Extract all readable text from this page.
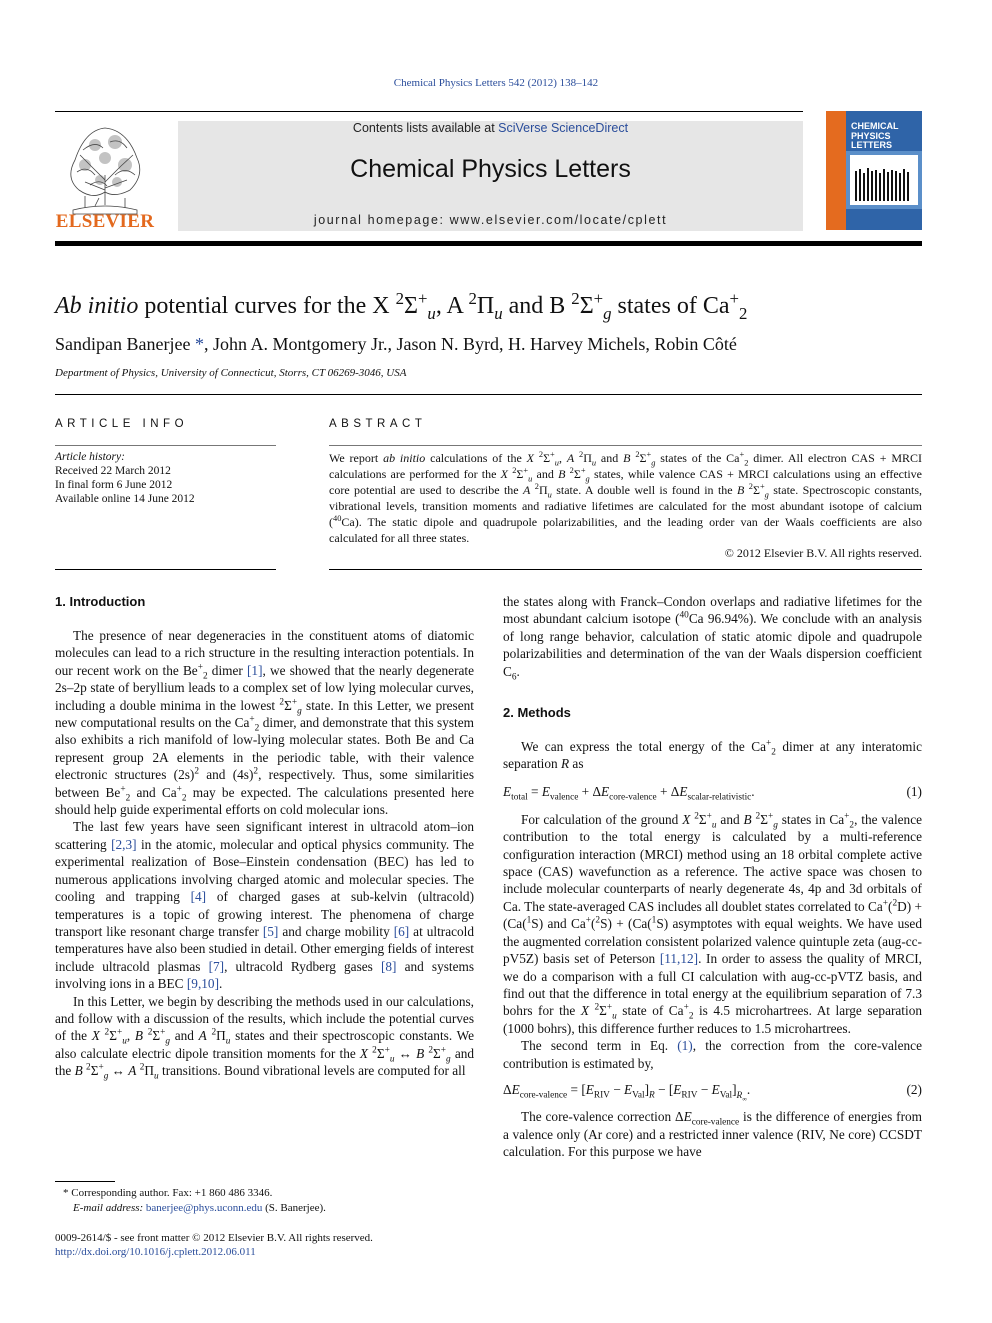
Chemical Physics Letters 542 (2012) 138–142
ELSEVIER
Contents lists available at SciVerse ScienceDirect
Chemical Physics Letters
journal homepage: www.elsevier.com/locate/cplett
CHEMICAL
PHYSICS
LETTERS
Ab initio potential curves for the X $^2\Sigma^+_u$, A $^2\Pi_u$ and B $^2\Sigma^+_g$ states of $Ca^+_2$
Sandipan Banerjee *, John A. Montgomery Jr., Jason N. Byrd, H. Harvey Michels, Robin Côté
Department of Physics, University of Connecticut, Storrs, CT 06269-3046, USA
ARTICLE INFO	ABSTRACT
Article history:
Received 22 March 2012
In final form 6 June 2012
Available online 14 June 2012
We report ab initio calculations of the X $^2\Sigma^+_u$, A $^2\Pi_u$ and B $^2\Sigma^+_g$ states of the $Ca^+_2$ dimer. All electron CAS + MRCI calculations are performed for the X $^2\Sigma^+_u$ and B $^2\Sigma^+_g$ states, while valence CAS + MRCI calculations using an effective core potential are used to describe the A $^2\Pi_u$ state. A double well is found in the B $^2\Sigma^+_g$ state. Spectroscopic constants, vibrational levels, transition moments and radiative lifetimes are calculated for the most abundant isotope of calcium ($^{40}$Ca). The static dipole and quadrupole polarizabilities, and the leading order van der Waals coefficients are also calculated for all three states.
© 2012 Elsevier B.V. All rights reserved.
1. Introduction

The presence of near degeneracies in the constituent atoms of diatomic molecules can lead to a rich structure in the resulting interaction potentials. In our recent work on the $Be^+_2$ dimer [1], we showed that the nearly degenerate 2s–2p state of beryllium leads to a complex set of low lying molecular curves, including a double minima in the lowest $^2\Sigma^+_g$ state. In this Letter, we present new computational results on the $Ca^+_2$ dimer, and demonstrate that this system also exhibits a rich manifold of low-lying molecular states. Both Be and Ca represent group 2A elements in the periodic table, with their valence electronic structures $(2s)^2$ and $(4s)^2$, respectively. Thus, some similarities between $Be^+_2$ and $Ca^+_2$ may be expected. The calculations presented here should help guide experimental efforts on cold molecular ions.

The last few years have seen significant interest in ultracold atom–ion scattering [2,3] in the atomic, molecular and optical physics community. The experimental realization of Bose–Einstein condensation (BEC) has led to numerous applications involving charged atomic and molecular species. The cooling and trapping [4] of charged gases at sub-kelvin (ultracold) temperatures is a topic of growing interest. The phenomena of charge transport like resonant charge transfer [5] and charge mobility [6] at ultracold temperatures have also been studied in detail. Other emerging fields of interest include ultracold plasmas [7], ultracold Rydberg gases [8] and systems involving ions in a BEC [9,10].

In this Letter, we begin by describing the methods used in our calculations, and follow with a discussion of the results, which include the potential curves of the X $^2\Sigma^+_u$, B $^2\Sigma^+_g$ and A $^2\Pi_u$ states and their spectroscopic constants. We also calculate electric dipole transition moments for the X $^2\Sigma^+_u$ ↔ B $^2\Sigma^+_g$ and the B $^2\Sigma^+_g$ ↔ A $^2\Pi_u$ transitions. Bound vibrational levels are computed for all

the states along with Franck–Condon overlaps and radiative lifetimes for the most abundant calcium isotope ($^{40}$Ca 96.94%). We conclude with an analysis of long range behavior, calculation of static atomic dipole and quadrupole polarizabilities and determination of the van der Waals dispersion coefficient $C_6$.

2. Methods

We can express the total energy of the $Ca^+_2$ dimer at any interatomic separation R as

$E_{total} = E_{valence} + \Delta E_{core-valence} + \Delta E_{scalar-relativistic}$.	(1)

For calculation of the ground X $^2\Sigma^+_u$ and B $^2\Sigma^+_g$ states in $Ca^+_2$, the valence contribution to the total energy is calculated by a multi-reference configuration interaction (MRCI) method using an 18 orbital complete active space (CAS) wavefunction as a reference. The active space was chosen to include molecular counterparts of nearly degenerate 4s, 4p and 3d orbitals of Ca. The state-averaged CAS includes all doublet states correlated to Ca+($^2$D) + (Ca($^1$S) and Ca+($^2$S) + (Ca($^1$S) asymptotes with equal weights. We have used the augmented correlation consistent polarized valence quintuple zeta (aug-cc-pV5Z) basis set of Peterson [11,12]. In order to assess the quality of MRCI, we do a comparison with a full CI calculation with aug-cc-pVTZ basis, and find out that the difference in total energy at the equilibrium separation of 7.3 bohrs for the X $^2\Sigma^+_u$ state of $Ca^+_2$ is 4.5 microhartrees. At large separation (1000 bohrs), this difference further reduces to 1.5 microhartrees.

The second term in Eq. (1), the correction from the core-valence contribution is estimated by,

$\Delta E_{core-valence} = [E_{RIV} - E_{Val}]_R - [E_{RIV} - E_{Val}]_{R_\infty}$.	(2)

The core-valence correction $\Delta E_{core-valence}$ is the difference of energies from a valence only (Ar core) and a restricted inner valence (RIV, Ne core) CCSDT calculation. For this purpose we have

* Corresponding author. Fax: +1 860 486 3346.
E-mail address: banerjee@phys.uconn.edu (S. Banerjee).
0009-2614/$ - see front matter © 2012 Elsevier B.V. All rights reserved.
http://dx.doi.org/10.1016/j.cplett.2012.06.011
